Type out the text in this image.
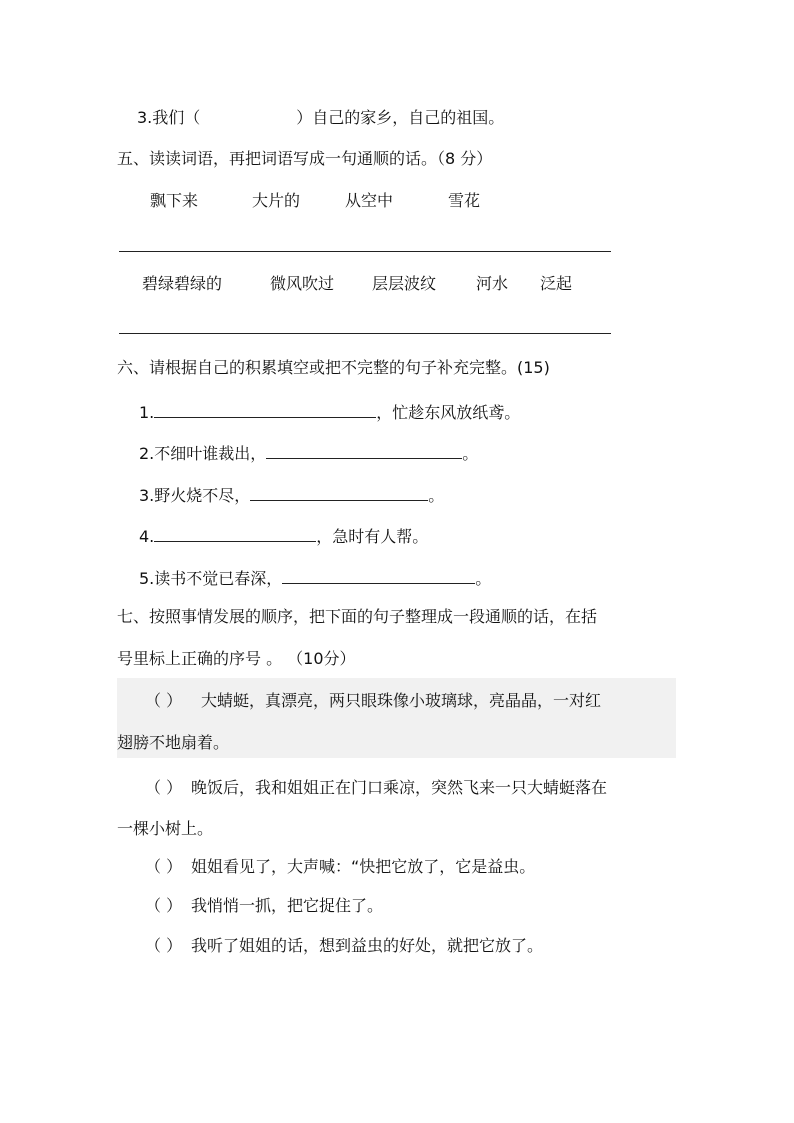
3.我们（	）自己的家乡，自己的祖国。
五、读读词语，再把词语写成一句通顺的话。（8 分）
飘下来	大片的	从空中	雪花
碧绿碧绿的	微风吹过 层层波纹 河水 泛起
六、请根据自己的积累填空或把不完整的句子补充完整。(15)
1.	，忙趁东风放纸鸢。
2.不细叶谁裁出，	。
3.野火烧不尽，	。
4.	，急时有人帮。
5.读书不觉已春深，	。
七、按照事情发展的顺序，把下面的句子整理成一段通顺的话，在括
号里标上正确的序号 。 （10分）
（ ） 大蜻蜓，真漂亮，两只眼珠像小玻璃球，亮晶晶，一对红
翅膀不地扇着。
（ ） 晚饭后，我和姐姐正在门口乘凉，突然飞来一只大蜻蜓落在
一棵小树上。
（ ） 姐姐看见了，大声喊：“快把它放了，它是益虫。
（ ） 我悄悄一抓，把它捉住了。
（ ） 我听了姐姐的话，想到益虫的好处，就把它放了。
